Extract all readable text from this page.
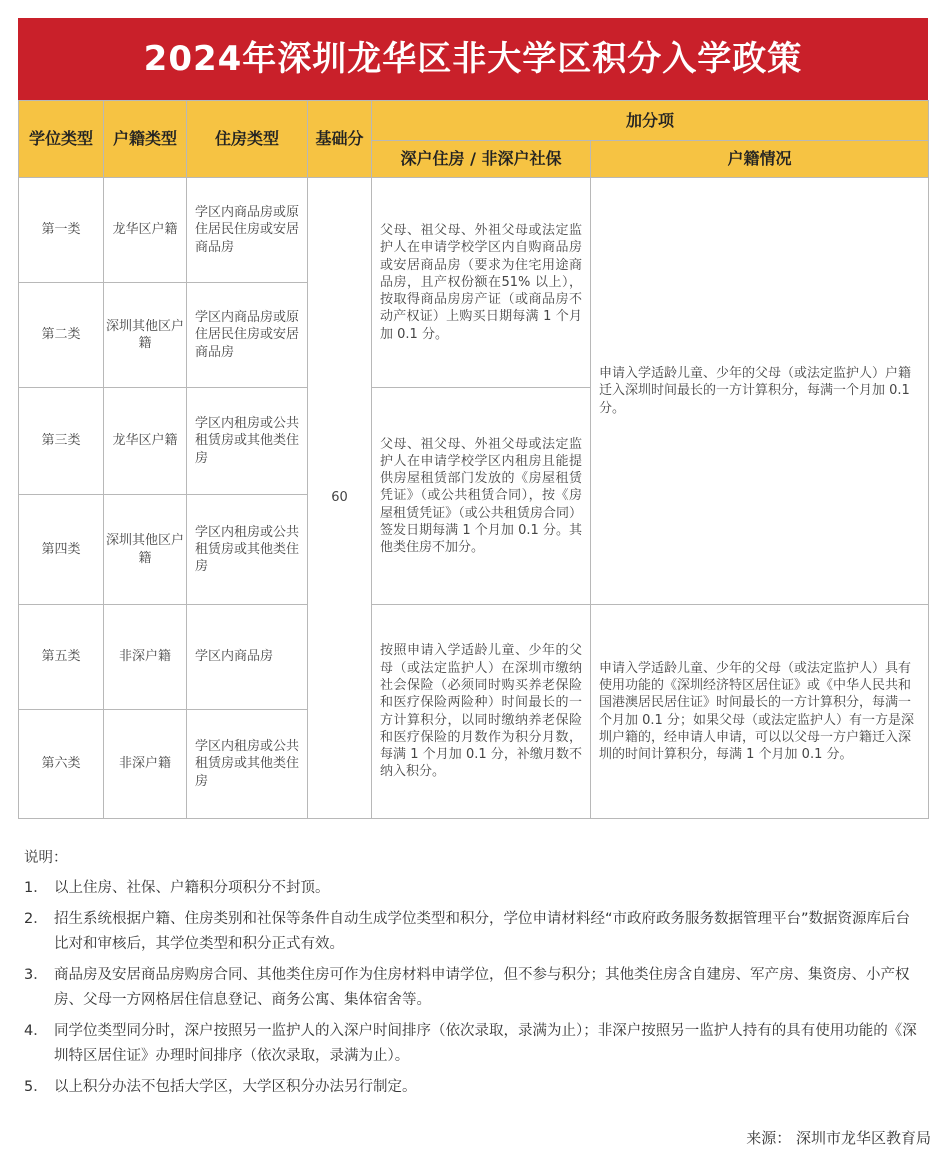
2024年深圳龙华区非大学区积分入学政策
学位类型	户籍类型	住房类型	基础分	加分项	
				深户住房 / 非深户社保	户籍情况
第一类	龙华区户籍	学区内商品房或原住居民住房或安居商品房	60	父母、祖父母、外祖父母或法定监护人在申请学校学区内自购商品房或安居商品房（要求为住宅用途商品房，且产权份额在51% 以上），按取得商品房房产证（或商品房不动产权证）上购买日期每满 1 个月加 0.1 分。	申请入学适龄儿童、少年的父母（或法定监护人）户籍迁入深圳时间最长的一方计算积分，每满一个月加 0.1 分。
第二类	深圳其他区户籍	学区内商品房或原住居民住房或安居商品房			
第三类	龙华区户籍	学区内租房或公共租赁房或其他类住房		父母、祖父母、外祖父母或法定监护人在申请学校学区内租房且能提供房屋租赁部门发放的《房屋租赁凭证》（或公共租赁合同），按《房屋租赁凭证》（或公共租赁房合同）签发日期每满 1 个月加 0.1 分。其他类住房不加分。	
第四类	深圳其他区户籍	学区内租房或公共租赁房或其他类住房			
第五类	非深户籍	学区内商品房		按照申请入学适龄儿童、少年的父母（或法定监护人）在深圳市缴纳社会保险（必须同时购买养老保险和医疗保险两险种）时间最长的一方计算积分，以同时缴纳养老保险和医疗保险的月数作为积分月数，每满 1 个月加 0.1 分，补缴月数不纳入积分。	申请入学适龄儿童、少年的父母（或法定监护人）具有使用功能的《深圳经济特区居住证》或《中华人民共和国港澳居民居住证》时间最长的一方计算积分，每满一个月加 0.1 分；如果父母（或法定监护人）有一方是深圳户籍的，经申请人申请，可以以父母一方户籍迁入深圳的时间计算积分，每满 1 个月加 0.1 分。
第六类	非深户籍	学区内租房或公共租赁房或其他类住房			
说明：
1． 以上住房、社保、户籍积分项积分不封顶。
2． 招生系统根据户籍、住房类别和社保等条件自动生成学位类型和积分，学位申请材料经“市政府政务服务数据管理平台”数据资源库后台比对和审核后，其学位类型和积分正式有效。
3． 商品房及安居商品房购房合同、其他类住房可作为住房材料申请学位，但不参与积分；其他类住房含自建房、军产房、集资房、小产权房、父母一方网格居住信息登记、商务公寓、集体宿舍等。
4． 同学位类型同分时，深户按照另一监护人的入深户时间排序（依次录取，录满为止）；非深户按照另一监护人持有的具有使用功能的《深圳特区居住证》办理时间排序（依次录取，录满为止）。
5． 以上积分办法不包括大学区，大学区积分办法另行制定。
来源： 深圳市龙华区教育局
